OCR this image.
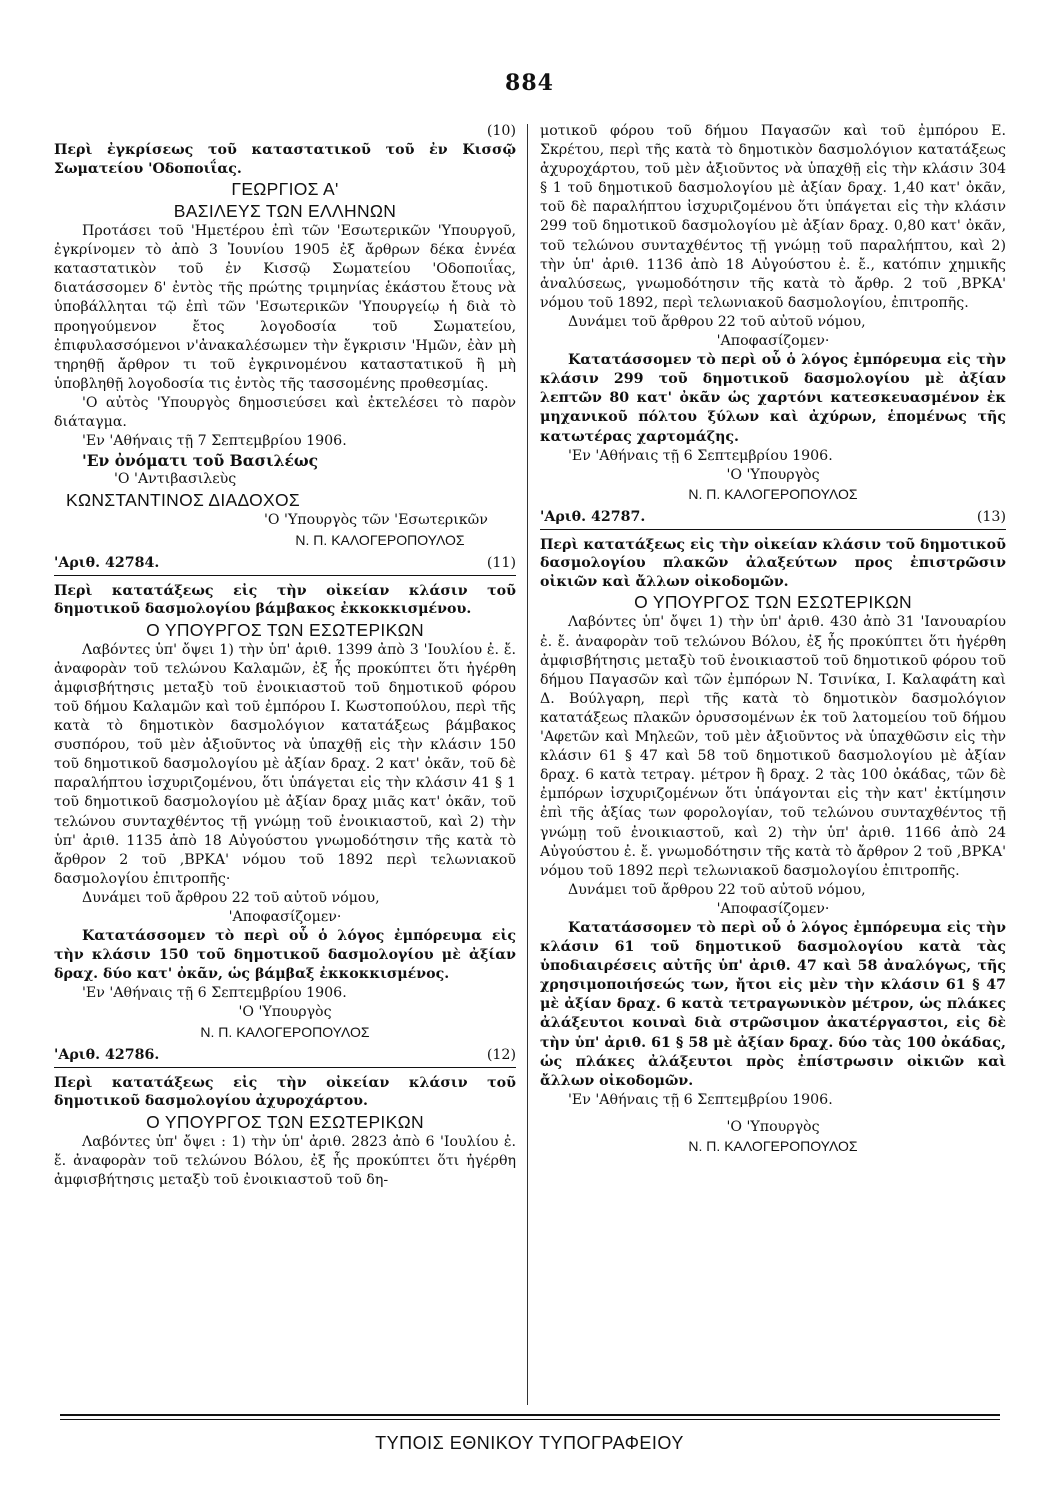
884

(10)

Περὶ ἐγκρίσεως τοῦ καταστατικοῦ τοῦ ἐν Κισσῷ Σωματείου 'Οδοποιΐας.

ΓΕΩΡΓΙΟΣ Α'

ΒΑΣΙΛΕΥΣ ΤΩΝ ΕΛΛΗΝΩΝ

Προτάσει τοῦ 'Ημετέρου ἐπὶ τῶν 'Εσωτερικῶν 'Υπουργοῦ, ἐγκρίνομεν τὸ ἀπὸ 3 Ἰουνίου 1905 ἐξ ἄρθρων δέκα ἐννέα καταστατικὸν τοῦ ἐν Κισσῷ Σωματείου 'Οδοποιΐας, διατάσσομεν δ' ἐντὸς τῆς πρώτης τριμηνίας ἑκάστου ἔτους νὰ ὑποβάλληται τῷ ἐπὶ τῶν 'Εσωτερικῶν 'Υπουργείῳ ἡ διὰ τὸ προηγούμενον ἔτος λογοδοσία τοῦ Σωματείου, ἐπιφυλασσόμενοι ν'ἀνακαλέσωμεν τὴν ἔγκρισιν 'Ημῶν, ἐὰν μὴ τηρηθῇ ἄρθρον τι τοῦ ἐγκρινομένου καταστατικοῦ ἢ μὴ ὑποβληθῇ λογοδοσία τις ἐντὸς τῆς τασσομένης προθεσμίας.

'Ο αὐτὸς 'Υπουργὸς δημοσιεύσει καὶ ἐκτελέσει τὸ παρὸν διάταγμα.

'Εν 'Αθήναις τῇ 7 Σεπτεμβρίου 1906.

'Εν ὀνόματι τοῦ Βασιλέως

'Ο 'Αντιβασιλεὺς

ΚΩΝΣΤΑΝΤΙΝΟΣ ΔΙΑΔΟΧΟΣ

'Ο 'Υπουργὸς τῶν 'Εσωτερικῶν

Ν. Π. ΚΑΛΟΓΕΡΟΠΟΥΛΟΣ

'Αριθ. 42784.	(11)

Περὶ κατατάξεως εἰς τὴν οἰκείαν κλάσιν τοῦ δημοτικοῦ δασμολογίου βάμβακος ἐκκοκκισμένου.

Ο ΥΠΟΥΡΓΟΣ ΤΩΝ ΕΣΩΤΕΡΙΚΩΝ

Λαβόντες ὑπ' ὄψει 1) τὴν ὑπ' ἀριθ. 1399 ἀπὸ 3 'Ιουλίου ἐ. ἔ. ἀναφορὰν τοῦ τελώνου Καλαμῶν, ἐξ ἧς προκύπτει ὅτι ἠγέρθη ἀμφισβήτησις μεταξὺ τοῦ ἐνοικιαστοῦ τοῦ δημοτικοῦ φόρου τοῦ δήμου Καλαμῶν καὶ τοῦ ἐμπόρου Ι. Κωστοπούλου, περὶ τῆς κατὰ τὸ δημοτικὸν δασμολόγιον κατατάξεως βάμβακος συσπόρου, τοῦ μὲν ἀξιοῦντος νὰ ὑπαχθῇ εἰς τὴν κλάσιν 150 τοῦ δημοτικοῦ δασμολογίου μὲ ἀξίαν δραχ. 2 κατ' ὀκᾶν, τοῦ δὲ παραλήπτου ἰσχυριζομένου, ὅτι ὑπάγεται εἰς τὴν κλάσιν 41 § 1 τοῦ δημοτικοῦ δασμολογίου μὲ ἀξίαν δραχ μιᾶς κατ' ὀκᾶν, τοῦ τελώνου συνταχθέντος τῇ γνώμῃ τοῦ ἐνοικιαστοῦ, καὶ 2) τὴν ὑπ' ἀριθ. 1135 ἀπὸ 18 Αὐγούστου γνωμοδότησιν τῆς κατὰ τὸ ἄρθρον 2 τοῦ ,ΒΡΚΑ' νόμου τοῦ 1892 περὶ τελωνιακοῦ δασμολογίου ἐπιτροπῆς·

Δυνάμει τοῦ ἄρθρου 22 τοῦ αὐτοῦ νόμου,

'Αποφασίζομεν·

Κατατάσσομεν τὸ περὶ οὗ ὁ λόγος ἐμπόρευμα εἰς τὴν κλάσιν 150 τοῦ δημοτικοῦ δασμολογίου μὲ ἀξίαν δραχ. δύο κατ' ὀκᾶν, ὡς βάμβαξ ἐκκοκκισμένος.

'Εν 'Αθήναις τῇ 6 Σεπτεμβρίου 1906.

'Ο 'Υπουργὸς

Ν. Π. ΚΑΛΟΓΕΡΟΠΟΥΛΟΣ

'Αριθ. 42786.	(12)

Περὶ κατατάξεως εἰς τὴν οἰκείαν κλάσιν τοῦ δημοτικοῦ δασμολογίου ἀχυροχάρτου.

Ο ΥΠΟΥΡΓΟΣ ΤΩΝ ΕΣΩΤΕΡΙΚΩΝ

Λαβόντες ὑπ' ὄψει : 1) τὴν ὑπ' ἀριθ. 2823 ἀπὸ 6 'Ιουλίου ἐ. ἔ. ἀναφορὰν τοῦ τελώνου Βόλου, ἐξ ἧς προκύπτει ὅτι ἠγέρθη ἀμφισβήτησις μεταξὺ τοῦ ἐνοικιαστοῦ τοῦ δη-

μοτικοῦ φόρου τοῦ δήμου Παγασῶν καὶ τοῦ ἐμπόρου Ε. Σκρέτου, περὶ τῆς κατὰ τὸ δημοτικὸν δασμολόγιον κατατάξεως ἀχυροχάρτου, τοῦ μὲν ἀξιοῦντος νὰ ὑπαχθῇ εἰς τὴν κλάσιν 304 § 1 τοῦ δημοτικοῦ δασμολογίου μὲ ἀξίαν δραχ. 1,40 κατ' ὀκᾶν, τοῦ δὲ παραλήπτου ἰσχυριζομένου ὅτι ὑπάγεται εἰς τὴν κλάσιν 299 τοῦ δημοτικοῦ δασμολογίου μὲ ἀξίαν δραχ. 0,80 κατ' ὀκᾶν, τοῦ τελώνου συνταχθέντος τῇ γνώμῃ τοῦ παραλήπτου, καὶ 2) τὴν ὑπ' ἀριθ. 1136 ἀπὸ 18 Αὐγούστου ἐ. ἔ., κατόπιν χημικῆς ἀναλύσεως, γνωμοδότησιν τῆς κατὰ τὸ ἄρθρ. 2 τοῦ ,ΒΡΚΑ' νόμου τοῦ 1892, περὶ τελωνιακοῦ δασμολογίου, ἐπιτροπῆς.

Δυνάμει τοῦ ἄρθρου 22 τοῦ αὐτοῦ νόμου,

'Αποφασίζομεν·

Κατατάσσομεν τὸ περὶ οὗ ὁ λόγος ἐμπόρευμα εἰς τὴν κλάσιν 299 τοῦ δημοτικοῦ δασμολογίου μὲ ἀξίαν λεπτῶν 80 κατ' ὀκᾶν ὡς χαρτόνι κατεσκευασμένον ἐκ μηχανικοῦ πόλτου ξύλων καὶ ἀχύρων, ἑπομένως τῆς κατωτέρας χαρτομάζης.

'Εν 'Αθήναις τῇ 6 Σεπτεμβρίου 1906.

'Ο 'Υπουργὸς

Ν. Π. ΚΑΛΟΓΕΡΟΠΟΥΛΟΣ

'Αριθ. 42787.	(13)

Περὶ κατατάξεως εἰς τὴν οἰκείαν κλάσιν τοῦ δημοτικοῦ δασμολογίου πλακῶν ἀλαξεύτων προς ἐπιστρῶσιν οἰκιῶν καὶ ἄλλων οἰκοδομῶν.

Ο ΥΠΟΥΡΓΟΣ ΤΩΝ ΕΣΩΤΕΡΙΚΩΝ

Λαβόντες ὑπ' ὄψει 1) τὴν ὑπ' ἀριθ. 430 ἀπὸ 31 'Ιανουαρίου ἐ. ἔ. ἀναφορὰν τοῦ τελώνου Βόλου, ἐξ ἧς προκύπτει ὅτι ἠγέρθη ἀμφισβήτησις μεταξὺ τοῦ ἐνοικιαστοῦ τοῦ δημοτικοῦ φόρου τοῦ δήμου Παγασῶν καὶ τῶν ἐμπόρων Ν. Τσινίκα, Ι. Καλαφάτη καὶ Δ. Βούλγαρη, περὶ τῆς κατὰ τὸ δημοτικὸν δασμολόγιον κατατάξεως πλακῶν ὀρυσσομένων ἐκ τοῦ λατομείου τοῦ δήμου 'Αφετῶν καὶ Μηλεῶν, τοῦ μὲν ἀξιοῦντος νὰ ὑπαχθῶσιν εἰς τὴν κλάσιν 61 § 47 καὶ 58 τοῦ δημοτικοῦ δασμολογίου μὲ ἀξίαν δραχ. 6 κατὰ τετραγ. μέτρον ἢ δραχ. 2 τὰς 100 ὀκάδας, τῶν δὲ ἐμπόρων ἰσχυριζομένων ὅτι ὑπάγονται εἰς τὴν κατ' ἐκτίμησιν ἐπὶ τῆς ἀξίας των φορολογίαν, τοῦ τελώνου συνταχθέντος τῇ γνώμῃ τοῦ ἐνοικιαστοῦ, καὶ 2) τὴν ὑπ' ἀριθ. 1166 ἀπὸ 24 Αὐγούστου ἐ. ἔ. γνωμοδότησιν τῆς κατὰ τὸ ἄρθρον 2 τοῦ ,ΒΡΚΑ' νόμου τοῦ 1892 περὶ τελωνιακοῦ δασμολογίου ἐπιτροπῆς.

Δυνάμει τοῦ ἄρθρου 22 τοῦ αὐτοῦ νόμου,

'Αποφασίζομεν·

Κατατάσσομεν τὸ περὶ οὗ ὁ λόγος ἐμπόρευμα εἰς τὴν κλάσιν 61 τοῦ δημοτικοῦ δασμολογίου κατὰ τὰς ὑποδιαιρέσεις αὐτῆς ὑπ' ἀριθ. 47 καὶ 58 ἀναλόγως, τῆς χρησιμοποιήσεώς των, ἤτοι εἰς μὲν τὴν κλάσιν 61 § 47 μὲ ἀξίαν δραχ. 6 κατὰ τετραγωνικὸν μέτρον, ὡς πλάκες ἀλάξευτοι κοιναὶ διὰ στρῶσιμον ἀκατέργαστοι, εἰς δὲ τὴν ὑπ' ἀριθ. 61 § 58 μὲ ἀξίαν δραχ. δύο τὰς 100 ὀκάδας, ὡς πλάκες ἀλάξευτοι πρὸς ἐπίστρωσιν οἰκιῶν καὶ ἄλλων οἰκοδομῶν.

'Εν 'Αθήναις τῇ 6 Σεπτεμβρίου 1906.

'Ο 'Υπουργὸς

Ν. Π. ΚΑΛΟΓΕΡΟΠΟΥΛΟΣ

ΤΥΠΟΙΣ ΕΘΝΙΚΟΥ ΤΥΠΟΓΡΑΦΕΙΟΥ
